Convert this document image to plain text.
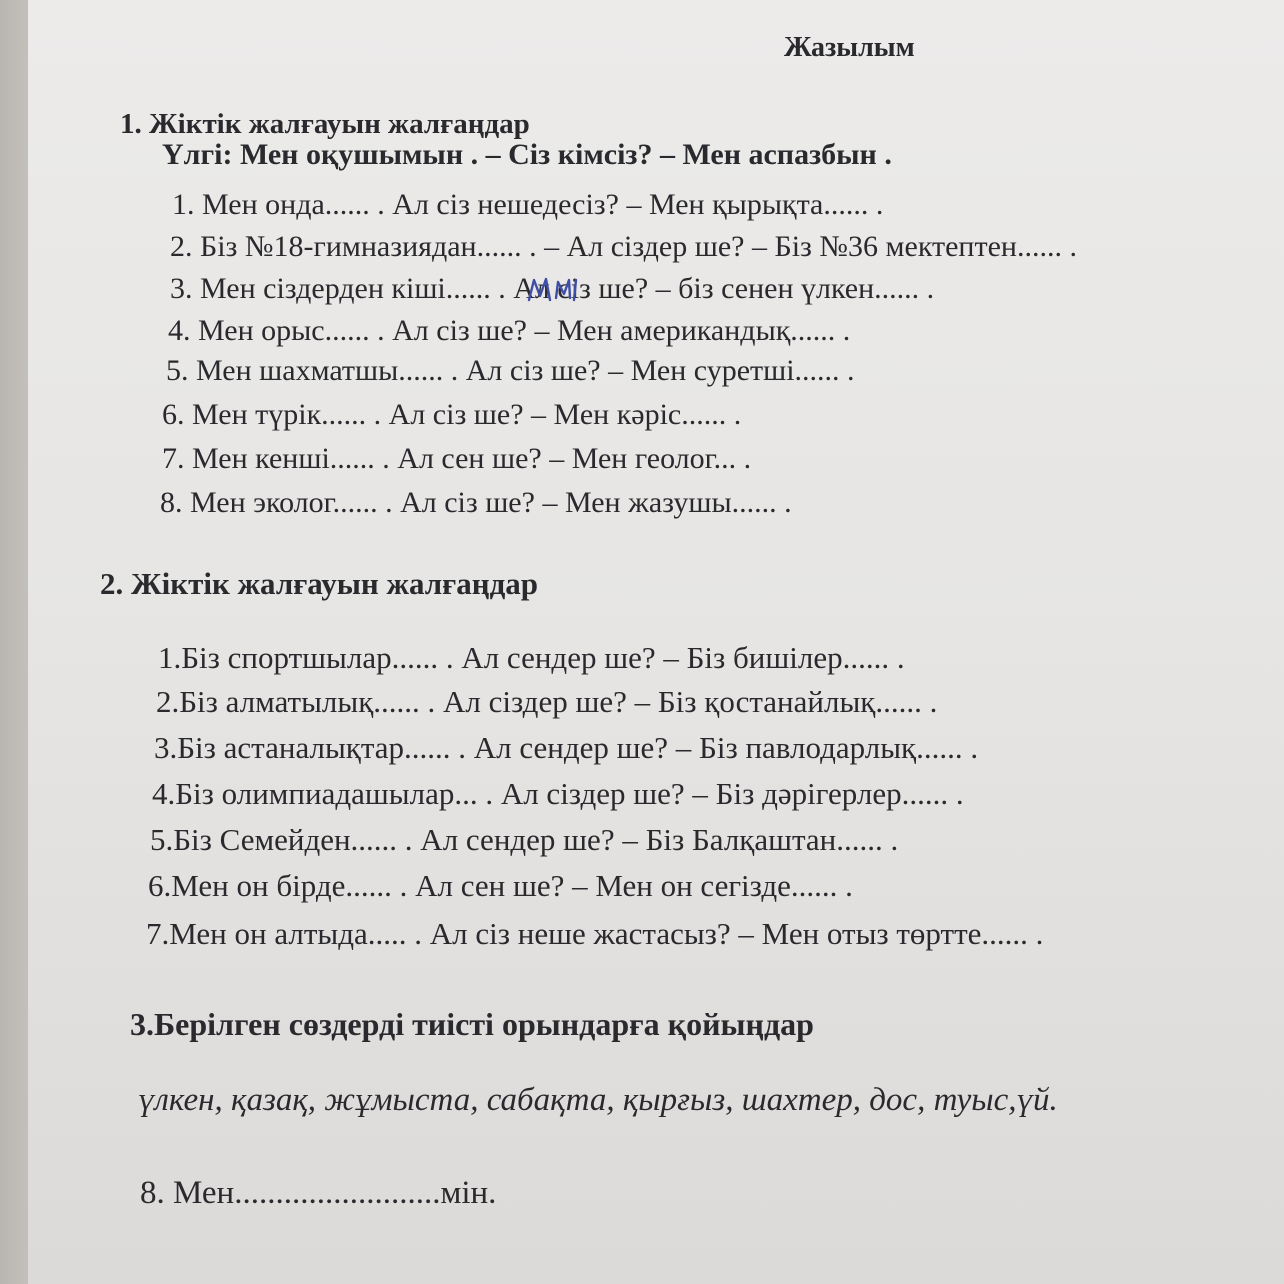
Жазылым
1. Жіктік жалғауын жалғаңдар
Үлгі: Мен оқушымын . – Сіз кімсіз? – Мен аспазбын .
1. Мен онда...... . Ал сіз нешедесіз? – Мен қырықта...... .
2. Біз №18-гимназиядан...... . – Ал сіздер ше? – Біз №36 мектептен...... .
3. Мен сіздерден кіші...... . Ал сіз ше? – біз сенен үлкен...... .
4. Мен орыс...... . Ал сіз ше? – Мен американдық...... .
5. Мен шахматшы...... . Ал сіз ше? – Мен суретші...... .
6. Мен түрік...... . Ал сіз ше? – Мен кәріс...... .
7. Мен кенші...... . Ал сен ше? – Мен геолог... .
8. Мен эколог...... . Ал сіз ше? – Мен жазушы...... .
2. Жіктік жалғауын жалғаңдар
1.Біз спортшылар...... . Ал сендер ше? – Біз бишілер...... .
2.Біз алматылық...... . Ал сіздер ше? – Біз қостанайлық...... .
3.Біз астаналықтар...... . Ал сендер ше? – Біз павлодарлық...... .
4.Біз олимпиадашылар... . Ал сіздер ше? – Біз дәрігерлер...... .
5.Біз Семейден...... . Ал сендер ше? – Біз Балқаштан...... .
6.Мен он бірде...... . Ал сен ше? – Мен он сегізде...... .
7.Мен он алтыда..... . Ал сіз неше жастасыз? – Мен отыз төртте...... .
3.Берілген сөздерді тиісті орындарға қойыңдар
үлкен, қазақ, жұмыста, сабақта, қырғыз, шахтер, дос, туыс,үй.
8. Мен.........................мін.
